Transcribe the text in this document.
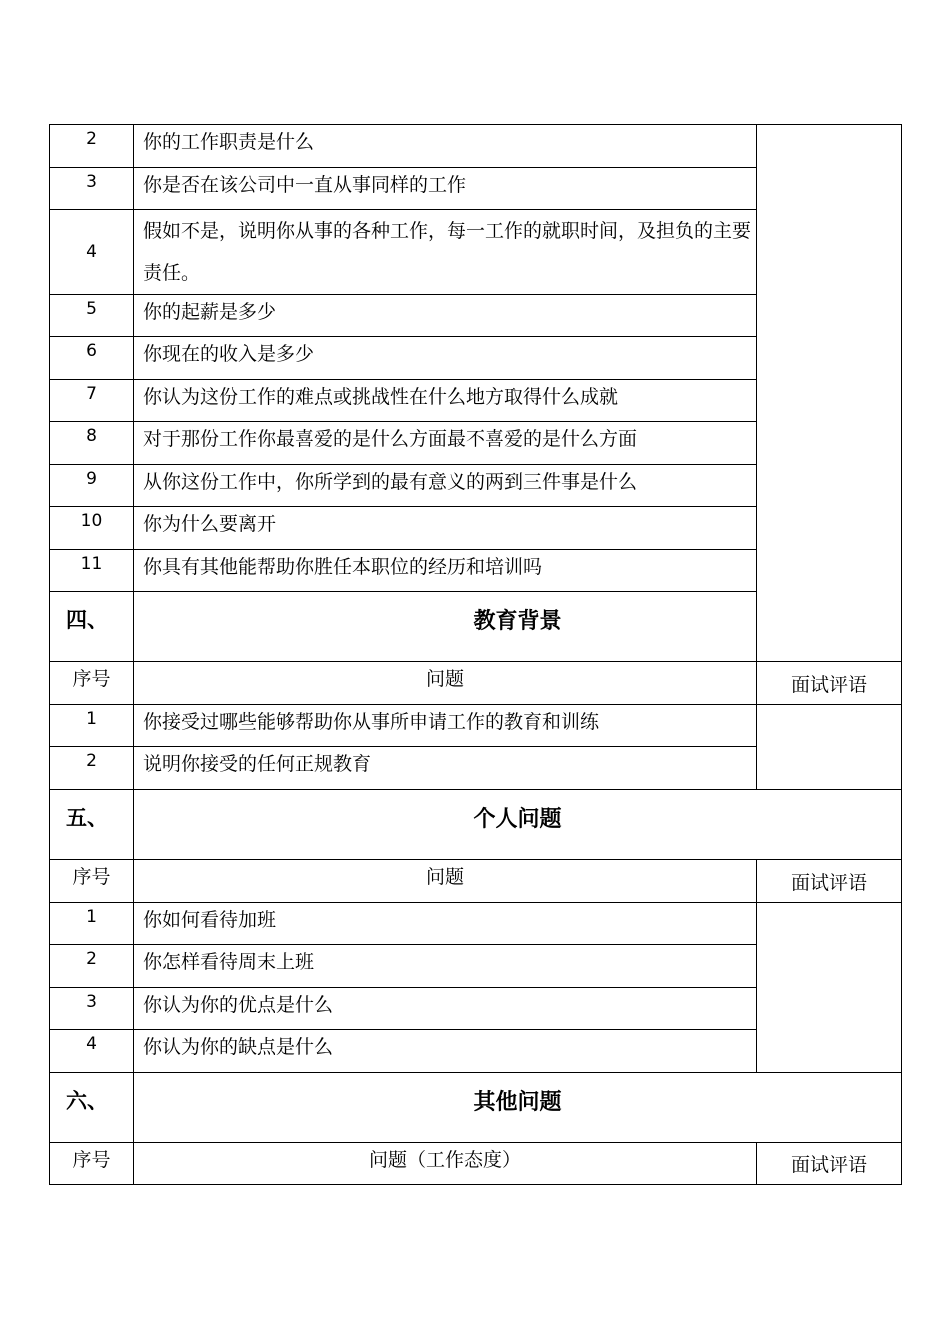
2	你的工作职责是什么	
3	你是否在该公司中一直从事同样的工作	
4	假如不是，说明你从事的各种工作，每一工作的就职时间，及担负的主要责任。	
5	你的起薪是多少	
6	你现在的收入是多少	
7	你认为这份工作的难点或挑战性在什么地方取得什么成就	
8	对于那份工作你最喜爱的是什么方面最不喜爱的是什么方面	
9	从你这份工作中，你所学到的最有意义的两到三件事是什么	
10	你为什么要离开	
11	你具有其他能帮助你胜任本职位的经历和培训吗	
四、	教育背景	
序号	问题	面试评语
1	你接受过哪些能够帮助你从事所申请工作的教育和训练	
2	说明你接受的任何正规教育	
五、	个人问题	
序号	问题	面试评语
1	你如何看待加班	
2	你怎样看待周末上班	
3	你认为你的优点是什么	
4	你认为你的缺点是什么	
六、	其他问题	
序号	问题（工作态度）	面试评语
